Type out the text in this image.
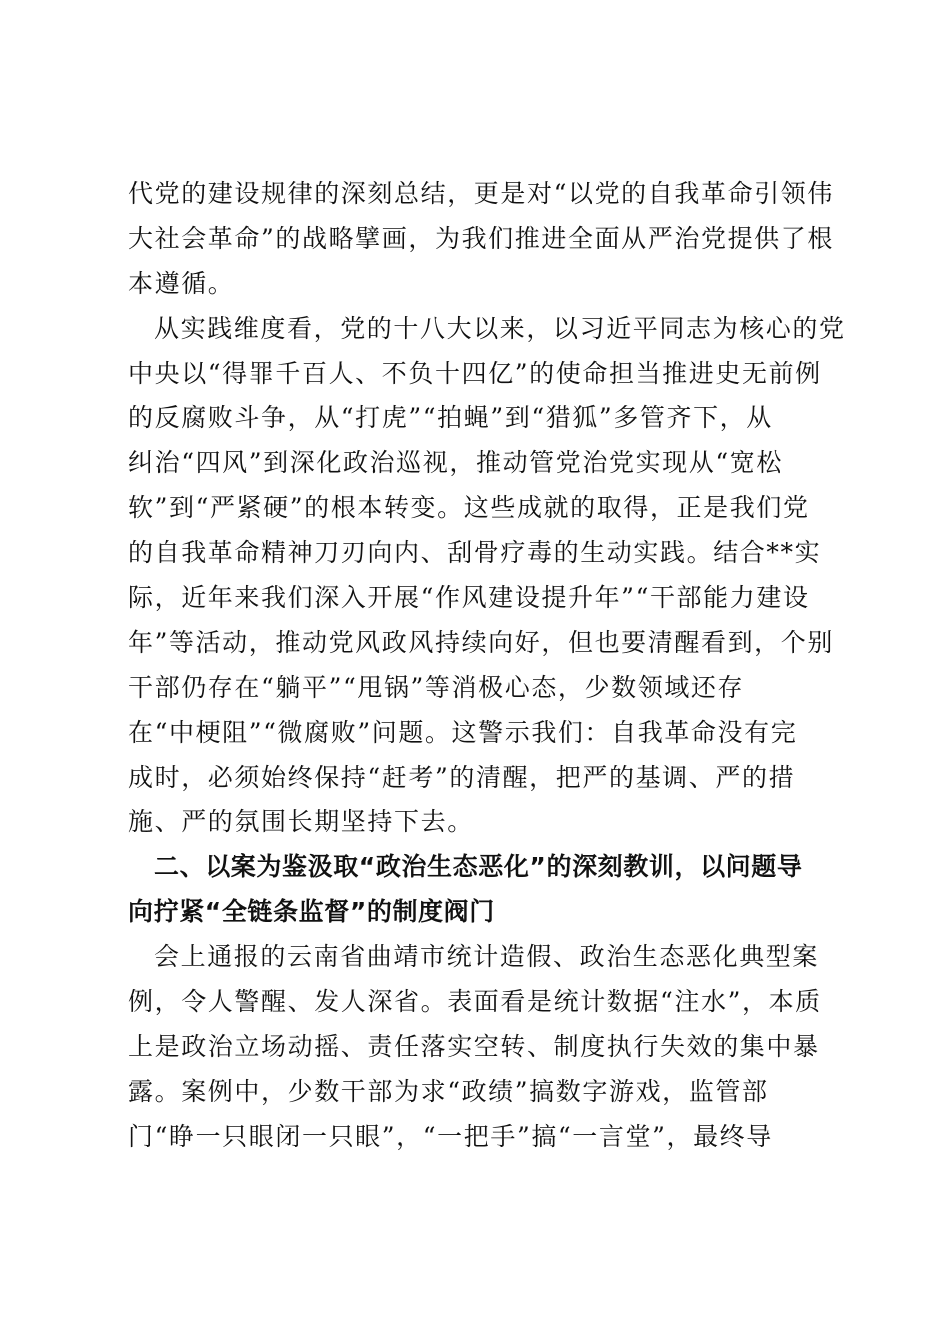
代党的建设规律的深刻总结，更是对“以党的自我革命引领伟
大社会革命”的战略擘画，为我们推进全面从严治党提供了根
本遵循。
从实践维度看，党的十八大以来，以习近平同志为核心的党
中央以“得罪千百人、不负十四亿”的使命担当推进史无前例
的反腐败斗争，从“打虎”“拍蝇”到“猎狐”多管齐下，从
纠治“四风”到深化政治巡视，推动管党治党实现从“宽松
软”到“严紧硬”的根本转变。这些成就的取得，正是我们党
的自我革命精神刀刃向内、刮骨疗毒的生动实践。结合**实
际，近年来我们深入开展“作风建设提升年”“干部能力建设
年”等活动，推动党风政风持续向好，但也要清醒看到，个别
干部仍存在“躺平”“甩锅”等消极心态，少数领域还存
在“中梗阻”“微腐败”问题。这警示我们：自我革命没有完
成时，必须始终保持“赶考”的清醒，把严的基调、严的措
施、严的氛围长期坚持下去。
二、以案为鉴汲取“政治生态恶化”的深刻教训，以问题导
向拧紧“全链条监督”的制度阀门
会上通报的云南省曲靖市统计造假、政治生态恶化典型案
例，令人警醒、发人深省。表面看是统计数据“注水”，本质
上是政治立场动摇、责任落实空转、制度执行失效的集中暴
露。案例中，少数干部为求“政绩”搞数字游戏，监管部
门“睁一只眼闭一只眼”，“一把手”搞“一言堂”，最终导
